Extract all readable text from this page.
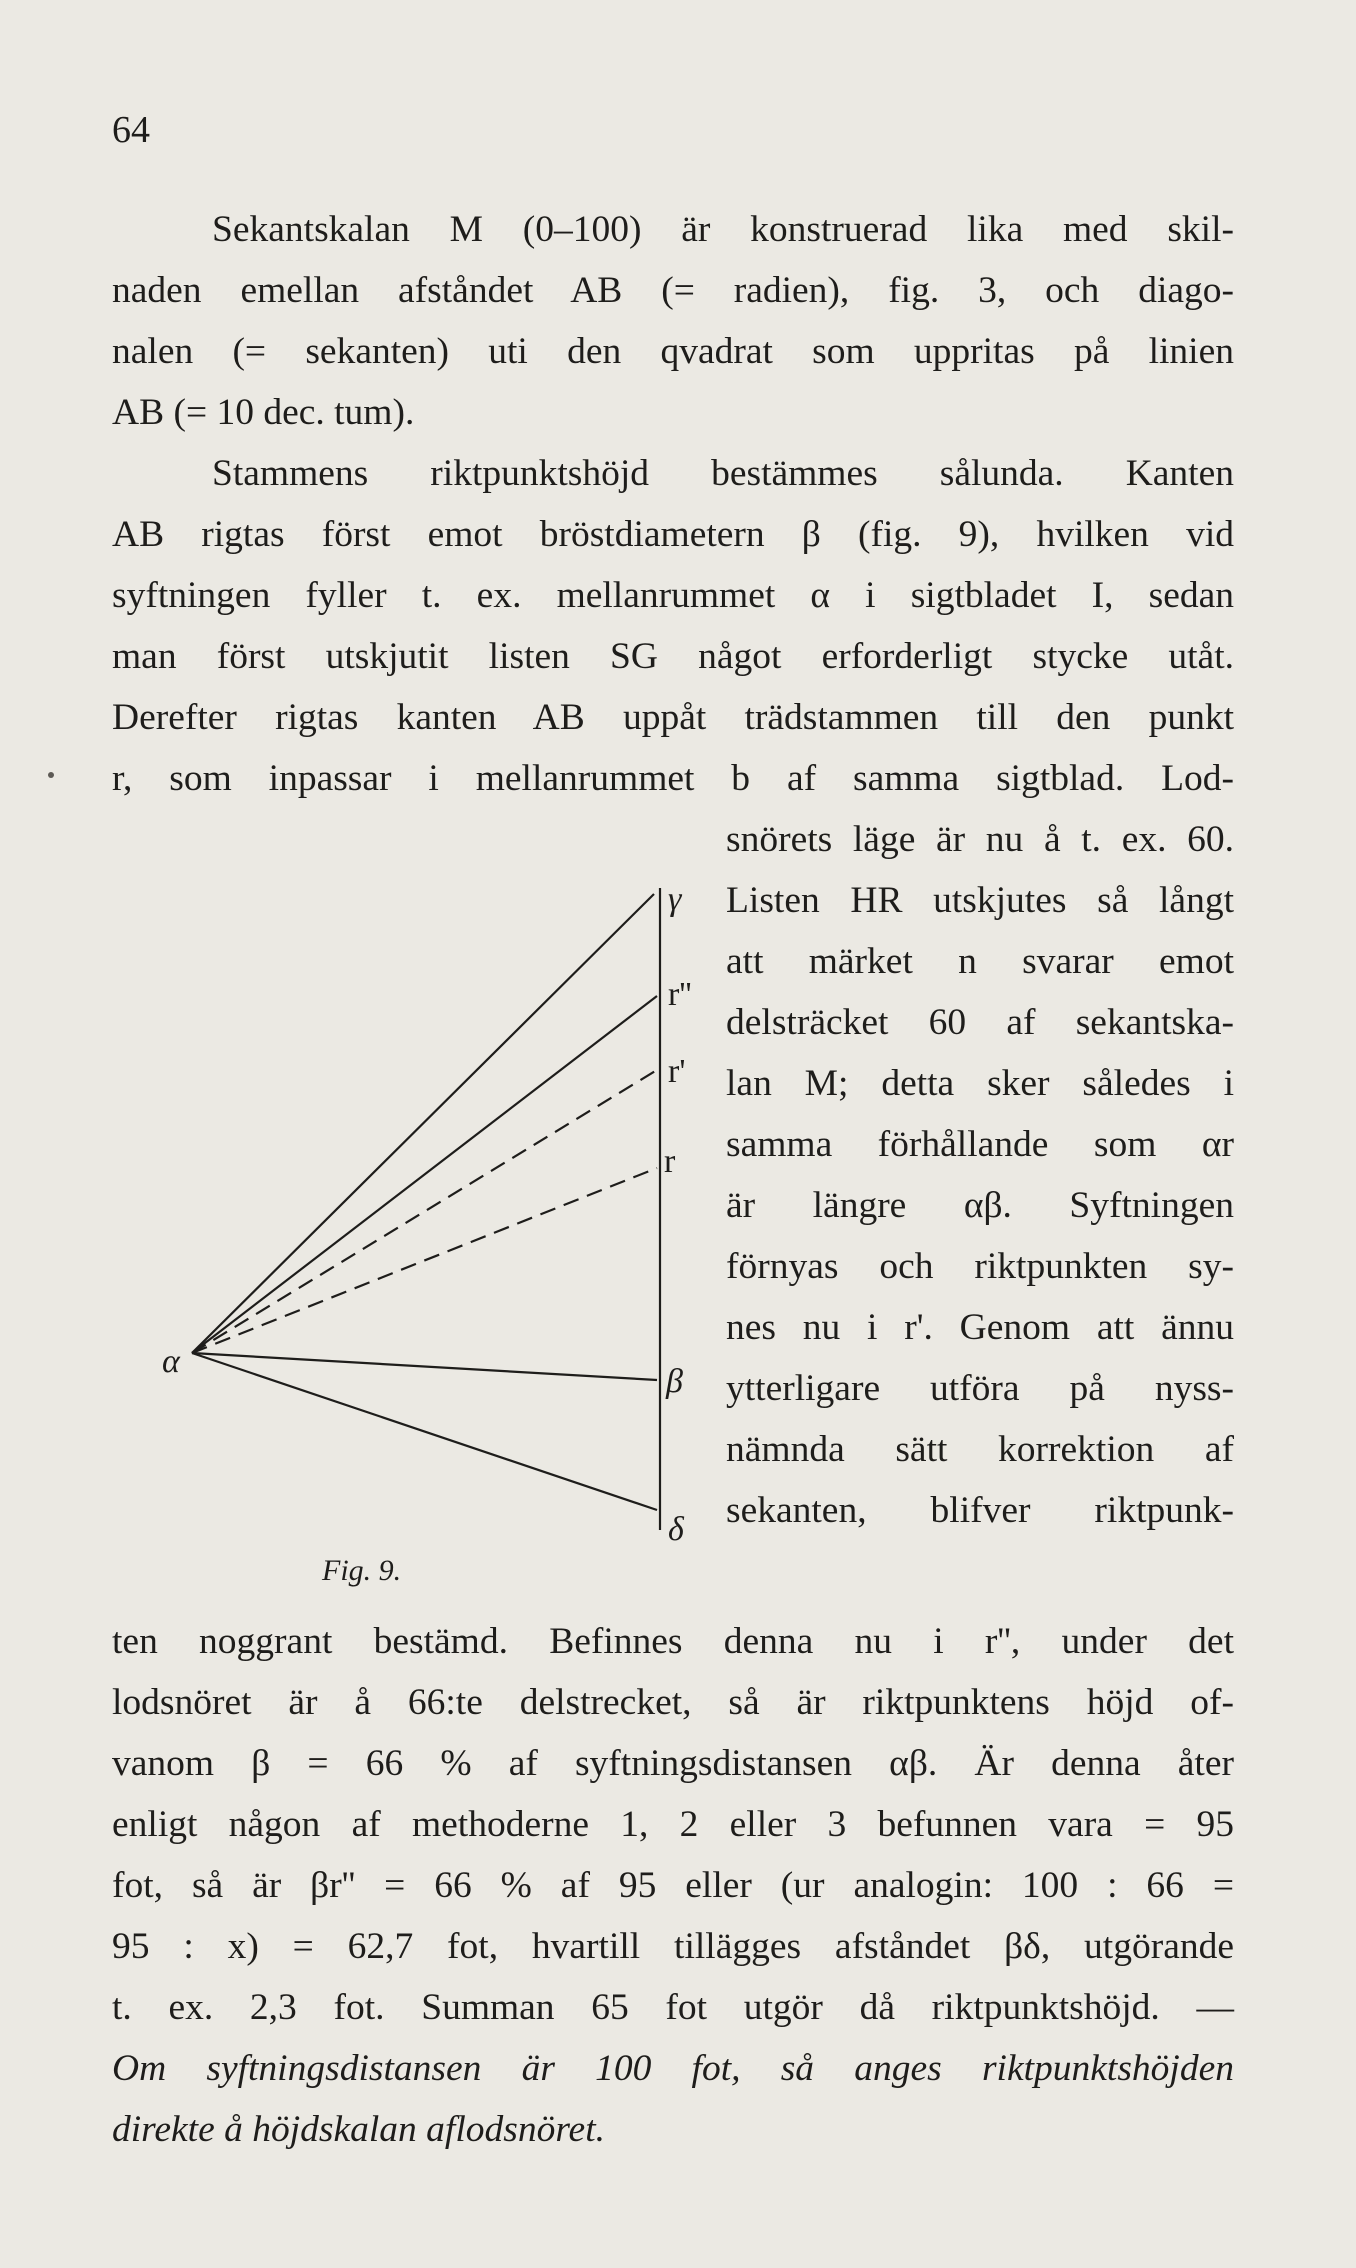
64
Sekantskalan M (0–100) är konstruerad lika med skil-
naden emellan afståndet AB (= radien), fig. 3, och diago-
nalen (= sekanten) uti den qvadrat som uppritas på linien
AB (= 10 dec. tum).
Stammens riktpunktshöjd bestämmes sålunda. Kanten
AB rigtas först emot bröstdiametern β (fig. 9), hvilken vid
syftningen fyller t. ex. mellanrummet α i sigtbladet I, sedan
man först utskjutit listen SG något erforderligt stycke utåt.
Derefter rigtas kanten AB uppåt trädstammen till den punkt
r, som inpassar i mellanrummet b af samma sigtblad. Lod-
snörets läge är nu å t. ex. 60.
Listen HR utskjutes så långt
att märket n svarar emot
delsträcket 60 af sekantska-
lan M; detta sker således i
samma förhållande som αr
är längre αβ. Syftningen
förnyas och riktpunkten sy-
nes nu i r'. Genom att ännu
ytterligare utföra på nyss-
nämnda sätt korrektion af
sekanten, blifver riktpunk-
γ
r''
r'
r
β
δ
α
Fig. 9.
ten noggrant bestämd. Befinnes denna nu i r'', under det
lodsnöret är å 66:te delstrecket, så är riktpunktens höjd of-
vanom β = 66 % af syftningsdistansen αβ. Är denna åter
enligt någon af methoderne 1, 2 eller 3 befunnen vara = 95
fot, så är βr'' = 66 % af 95 eller (ur analogin: 100 : 66 =
95 : x) = 62,7 fot, hvartill tillägges afståndet βδ, utgörande
t. ex. 2,3 fot. Summan 65 fot utgör då riktpunktshöjd. —
Om syftningsdistansen är 100 fot, så anges riktpunktshöjden
direkte å höjdskalan aflodsnöret.
